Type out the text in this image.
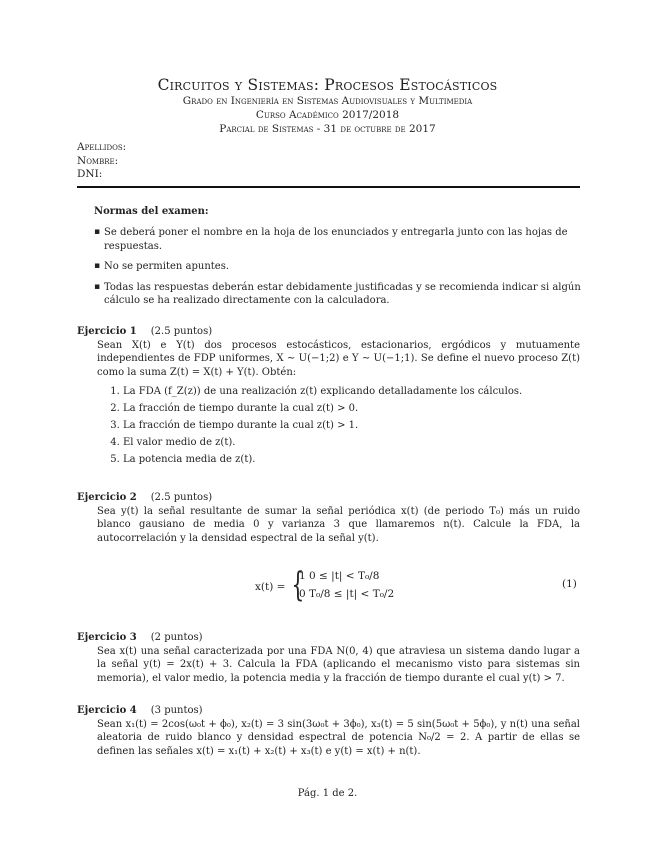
Circuitos y Sistemas: Procesos Estocásticos
Grado en Ingeniería en Sistemas Audiovisuales y Multimedia
Curso Académico 2017/2018
Parcial de Sistemas - 31 de octubre de 2017
Apellidos:
Nombre:
DNI:
Normas del examen:
▪ Se deberá poner el nombre en la hoja de los enunciados y entregarla junto con las hojas de respuestas.
▪ No se permiten apuntes.
▪ Todas las respuestas deberán estar debidamente justificadas y se recomienda indicar si algún cálculo se ha realizado directamente con la calculadora.
Ejercicio 1 (2.5 puntos)
Sean X(t) e Y(t) dos procesos estocásticos, estacionarios, ergódicos y mutuamente independientes de FDP uniformes, X ∼ U(−1;2) e Y ∼ U(−1;1). Se define el nuevo proceso Z(t) como la suma Z(t) = X(t) + Y(t). Obtén:
1. La FDA (f_Z(z)) de una realización z(t) explicando detalladamente los cálculos.
2. La fracción de tiempo durante la cual z(t) > 0.
3. La fracción de tiempo durante la cual z(t) > 1.
4. El valor medio de z(t).
5. La potencia media de z(t).
Ejercicio 2 (2.5 puntos)
Sea y(t) la señal resultante de sumar la señal periódica x(t) (de periodo T₀) más un ruido blanco gausiano de media 0 y varianza 3 que llamaremos n(t). Calcule la FDA, la autocorrelación y la densidad espectral de la señal y(t).
x(t) = {
1 0 ≤ |t| < T₀/8
0 T₀/8 ≤ |t| < T₀/2
(1)
Ejercicio 3 (2 puntos)
Sea x(t) una señal caracterizada por una FDA N(0, 4) que atraviesa un sistema dando lugar a la señal y(t) = 2x(t) + 3. Calcula la FDA (aplicando el mecanismo visto para sistemas sin memoria), el valor medio, la potencia media y la fracción de tiempo durante el cual y(t) > 7.
Ejercicio 4 (3 puntos)
Sean x₁(t) = 2cos(ω₀t + ϕ₀), x₂(t) = 3 sin(3ω₀t + 3ϕ₀), x₃(t) = 5 sin(5ω₀t + 5ϕ₀), y n(t) una señal aleatoria de ruido blanco y densidad espectral de potencia N₀/2 = 2. A partir de ellas se definen las señales x(t) = x₁(t) + x₂(t) + x₃(t) e y(t) = x(t) + n(t).
Pág. 1 de 2.
